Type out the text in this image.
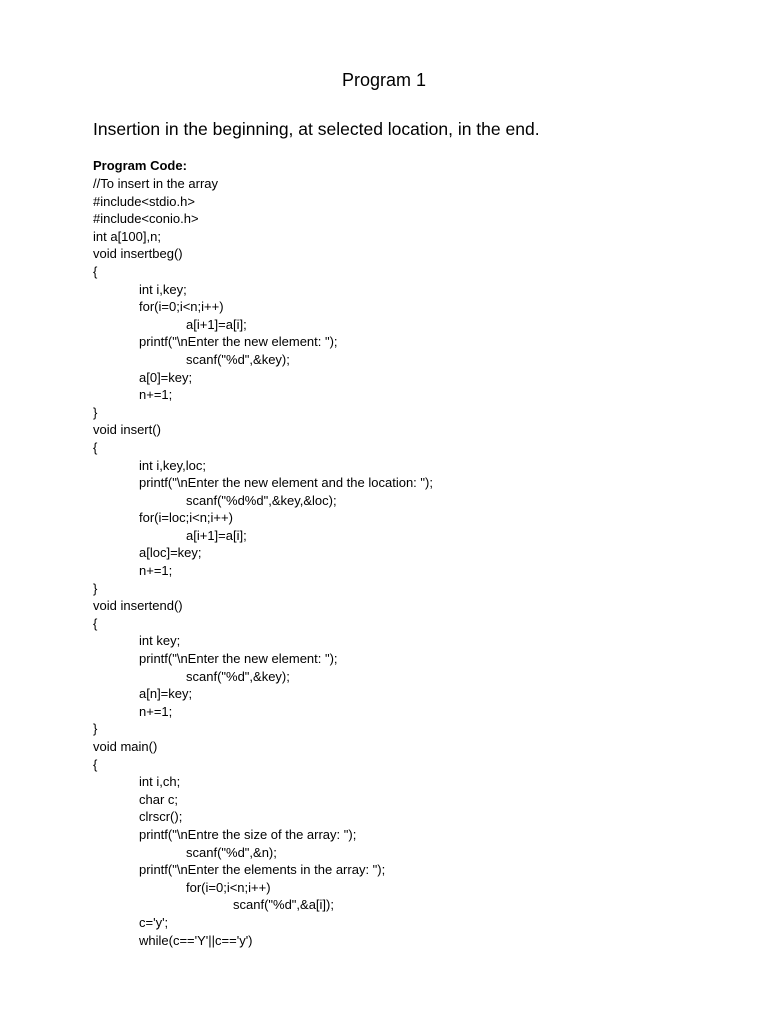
Program 1
Insertion in the beginning, at selected location, in the end.
Program Code:
//To insert in the array
#include<stdio.h>
#include<conio.h>
int a[100],n;
void insertbeg()
{
int i,key;
for(i=0;i<n;i++)
a[i+1]=a[i];
printf("\nEnter the new element: ");
scanf("%d",&key);
a[0]=key;
n+=1;
}
void insert()
{
int i,key,loc;
printf("\nEnter the new element and the location: ");
scanf("%d%d",&key,&loc);
for(i=loc;i<n;i++)
a[i+1]=a[i];
a[loc]=key;
n+=1;
}
void insertend()
{
int key;
printf("\nEnter the new element: ");
scanf("%d",&key);
a[n]=key;
n+=1;
}
void main()
{
int i,ch;
char c;
clrscr();
printf("\nEntre the size of the array: ");
scanf("%d",&n);
printf("\nEnter the elements in the array: ");
for(i=0;i<n;i++)
scanf("%d",&a[i]);
c='y';
while(c=='Y'||c=='y')
